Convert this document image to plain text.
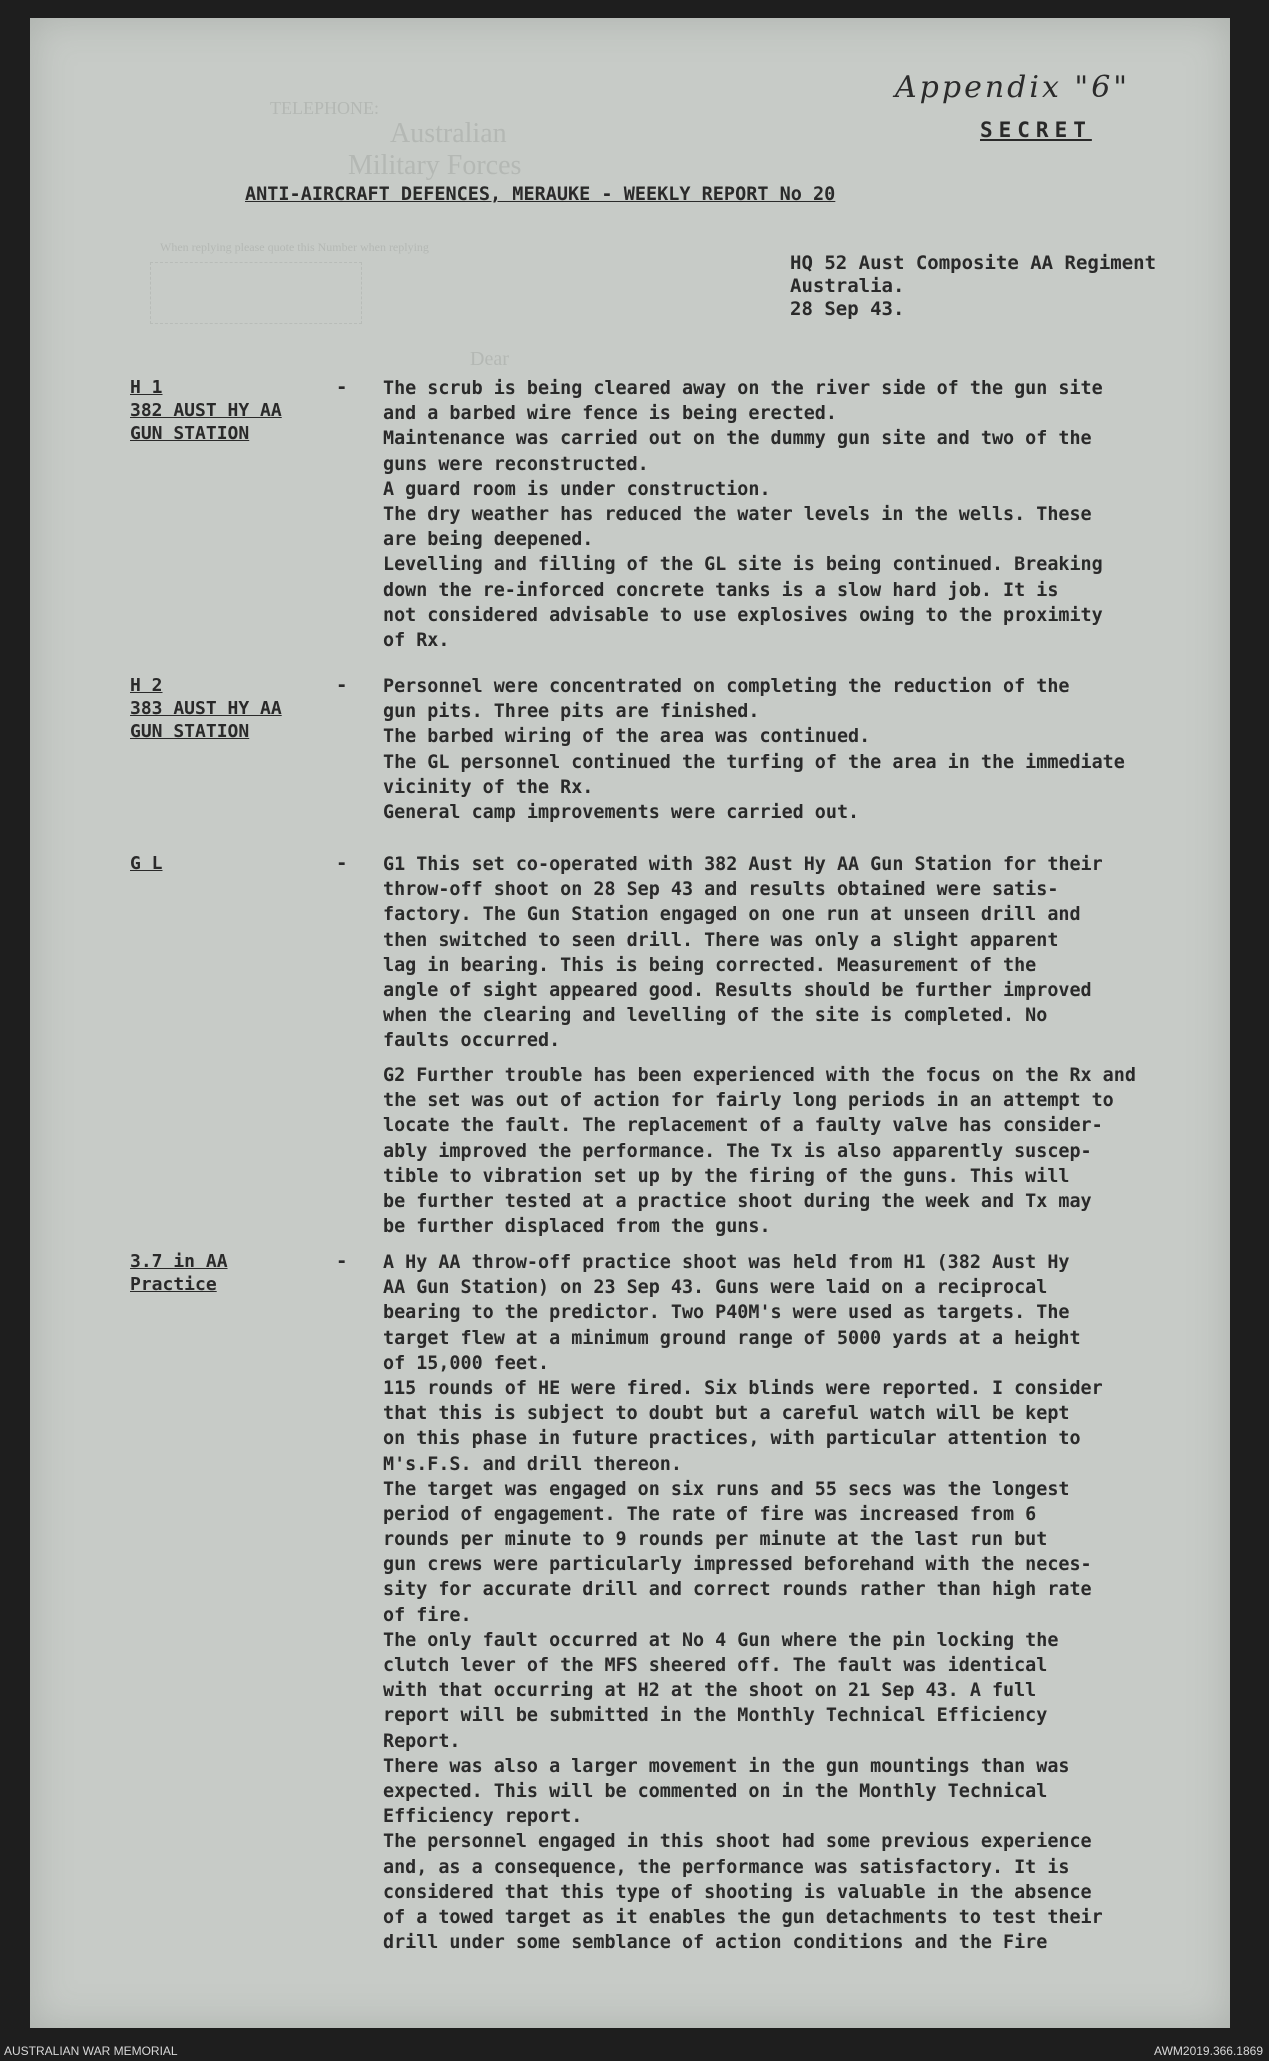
Appendix "6"
TELEPHONE:
Australian
Military Forces
When replying please quote this Number when replying
Dear
SECRET
ANTI-AIRCRAFT DEFENCES, MERAUKE - WEEKLY REPORT No 20
HQ 52 Aust Composite AA Regiment
Australia.
28 Sep 43.
H 1
382 AUST HY AA
GUN STATION
- The scrub is being cleared away on the river side of the gun site
and a barbed wire fence is being erected.
Maintenance was carried out on the dummy gun site and two of the
guns were reconstructed.
A guard room is under construction.
The dry weather has reduced the water levels in the wells. These
are being deepened.
Levelling and filling of the GL site is being continued. Breaking
down the re-inforced concrete tanks is a slow hard job. It is
not considered advisable to use explosives owing to the proximity
of Rx.
H 2
383 AUST HY AA
GUN STATION
- Personnel were concentrated on completing the reduction of the
gun pits. Three pits are finished.
The barbed wiring of the area was continued.
The GL personnel continued the turfing of the area in the immediate
vicinity of the Rx.
General camp improvements were carried out.
G L	- G1 This set co-operated with 382 Aust Hy AA Gun Station for their
throw-off shoot on 28 Sep 43 and results obtained were satis-
factory. The Gun Station engaged on one run at unseen drill and
then switched to seen drill. There was only a slight apparent
lag in bearing. This is being corrected. Measurement of the
angle of sight appeared good. Results should be further improved
when the clearing and levelling of the site is completed. No
faults occurred.
G2 Further trouble has been experienced with the focus on the Rx and
the set was out of action for fairly long periods in an attempt to
locate the fault. The replacement of a faulty valve has consider-
ably improved the performance. The Tx is also apparently suscep-
tible to vibration set up by the firing of the guns. This will
be further tested at a practice shoot during the week and Tx may
be further displaced from the guns.
3.7 in AA
Practice
- A Hy AA throw-off practice shoot was held from H1 (382 Aust Hy
AA Gun Station) on 23 Sep 43. Guns were laid on a reciprocal
bearing to the predictor. Two P40M's were used as targets. The
target flew at a minimum ground range of 5000 yards at a height
of 15,000 feet.
115 rounds of HE were fired. Six blinds were reported. I consider
that this is subject to doubt but a careful watch will be kept
on this phase in future practices, with particular attention to
M's.F.S. and drill thereon.
The target was engaged on six runs and 55 secs was the longest
period of engagement. The rate of fire was increased from 6
rounds per minute to 9 rounds per minute at the last run but
gun crews were particularly impressed beforehand with the neces-
sity for accurate drill and correct rounds rather than high rate
of fire.
The only fault occurred at No 4 Gun where the pin locking the
clutch lever of the MFS sheered off. The fault was identical
with that occurring at H2 at the shoot on 21 Sep 43. A full
report will be submitted in the Monthly Technical Efficiency
Report.
There was also a larger movement in the gun mountings than was
expected. This will be commented on in the Monthly Technical
Efficiency report.
The personnel engaged in this shoot had some previous experience
and, as a consequence, the performance was satisfactory. It is
considered that this type of shooting is valuable in the absence
of a towed target as it enables the gun detachments to test their
drill under some semblance of action conditions and the Fire
AUSTRALIAN WAR MEMORIAL	AWM2019.366.1869
